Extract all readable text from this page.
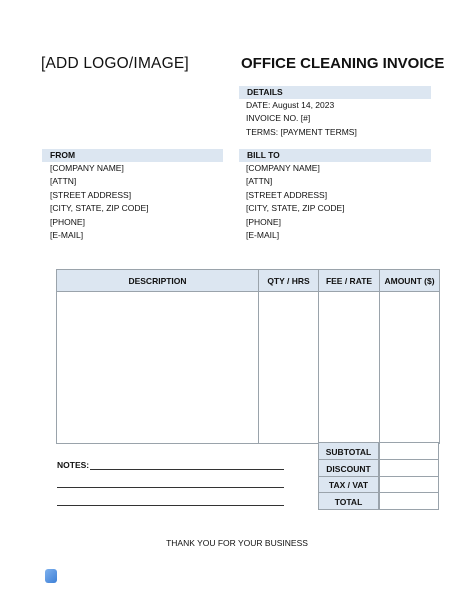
[ADD LOGO/IMAGE]	OFFICE CLEANING INVOICE
DETAILS
DATE: August 14, 2023
INVOICE NO. [#]
TERMS: [PAYMENT TERMS]
FROM
[COMPANY NAME]
[ATTN]
[STREET ADDRESS]
[CITY, STATE, ZIP CODE]
[PHONE]
[E-MAIL]
BILL TO
[COMPANY NAME]
[ATTN]
[STREET ADDRESS]
[CITY, STATE, ZIP CODE]
[PHONE]
[E-MAIL]
DESCRIPTION	QTY / HRS	FEE / RATE	AMOUNT ($)

SUBTOTAL
DISCOUNT
TAX / VAT
TOTAL
NOTES:
THANK YOU FOR YOUR BUSINESS
